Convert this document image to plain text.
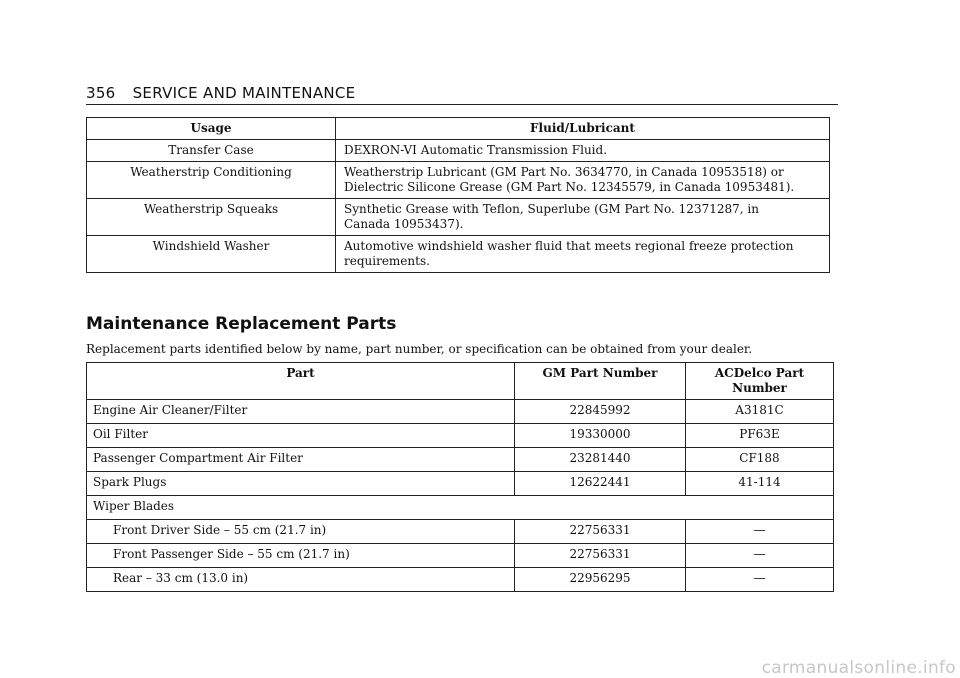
356 SERVICE AND MAINTENANCE
Usage	Fluid/Lubricant
Transfer Case	DEXRON-VI Automatic Transmission Fluid.

Weatherstrip Conditioning	Weatherstrip Lubricant (GM Part No. 3634770, in Canada 10953518) or
Dielectric Silicone Grease (GM Part No. 12345579, in Canada 10953481).

Weatherstrip Squeaks	Synthetic Grease with Teflon, Superlube (GM Part No. 12371287, in
Canada 10953437).

Windshield Washer	Automotive windshield washer fluid that meets regional freeze protection
requirements.
Maintenance Replacement Parts
Replacement parts identified below by name, part number, or specification can be obtained from your dealer.
Part	GM Part Number	ACDelco Part Number
Engine Air Cleaner/Filter	22845992	A3181C
Oil Filter	19330000	PF63E
Passenger Compartment Air Filter	23281440	CF188
Spark Plugs	12622441	41-114
Wiper Blades		
Front Driver Side – 55 cm (21.7 in)	22756331	—
Front Passenger Side – 55 cm (21.7 in)	22756331	—
Rear – 33 cm (13.0 in)	22956295	—
carmanualsonline.info
